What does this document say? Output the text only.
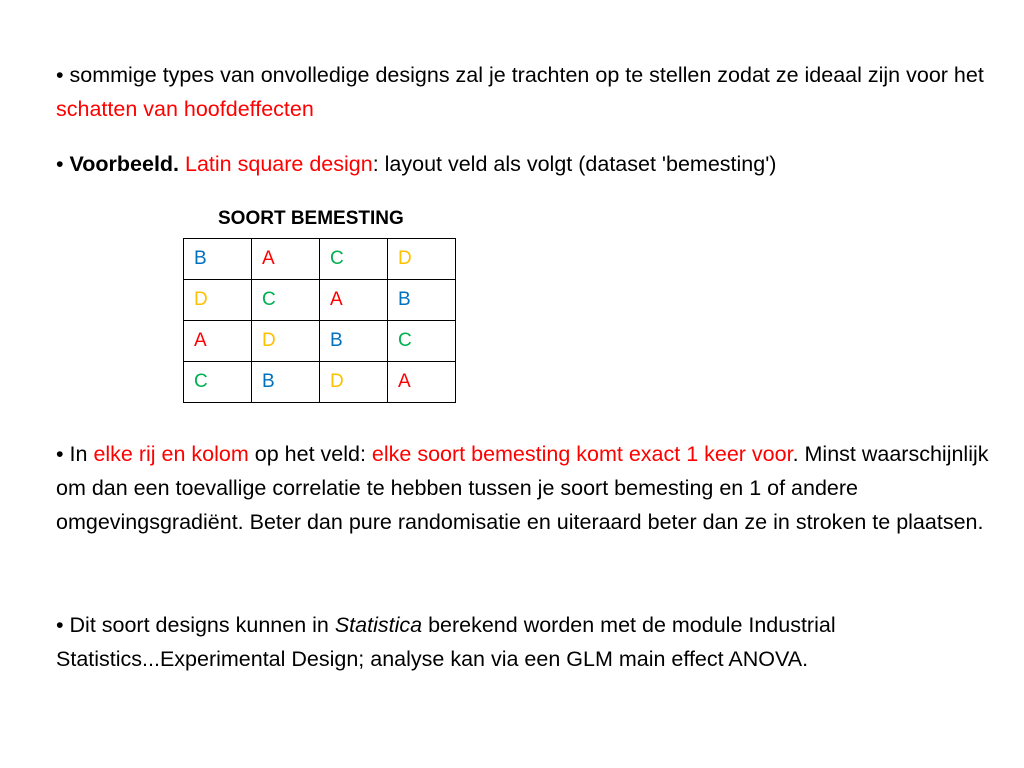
• sommige types van onvolledige designs zal je trachten op te stellen zodat ze ideaal zijn voor het schatten van hoofdeffecten

• Voorbeeld. Latin square design: layout veld als volgt (dataset 'bemesting')

SOORT BEMESTING
B	A	C	D
D	C	A	B
A	D	B	C
C	B	D	A

• In elke rij en kolom op het veld: elke soort bemesting komt exact 1 keer voor. Minst waarschijnlijk om dan een toevallige correlatie te hebben tussen je soort bemesting en 1 of andere omgevingsgradiënt. Beter dan pure randomisatie en uiteraard beter dan ze in stroken te plaatsen.

• Dit soort designs kunnen in Statistica berekend worden met de module Industrial Statistics...Experimental Design; analyse kan via een GLM main effect ANOVA.
